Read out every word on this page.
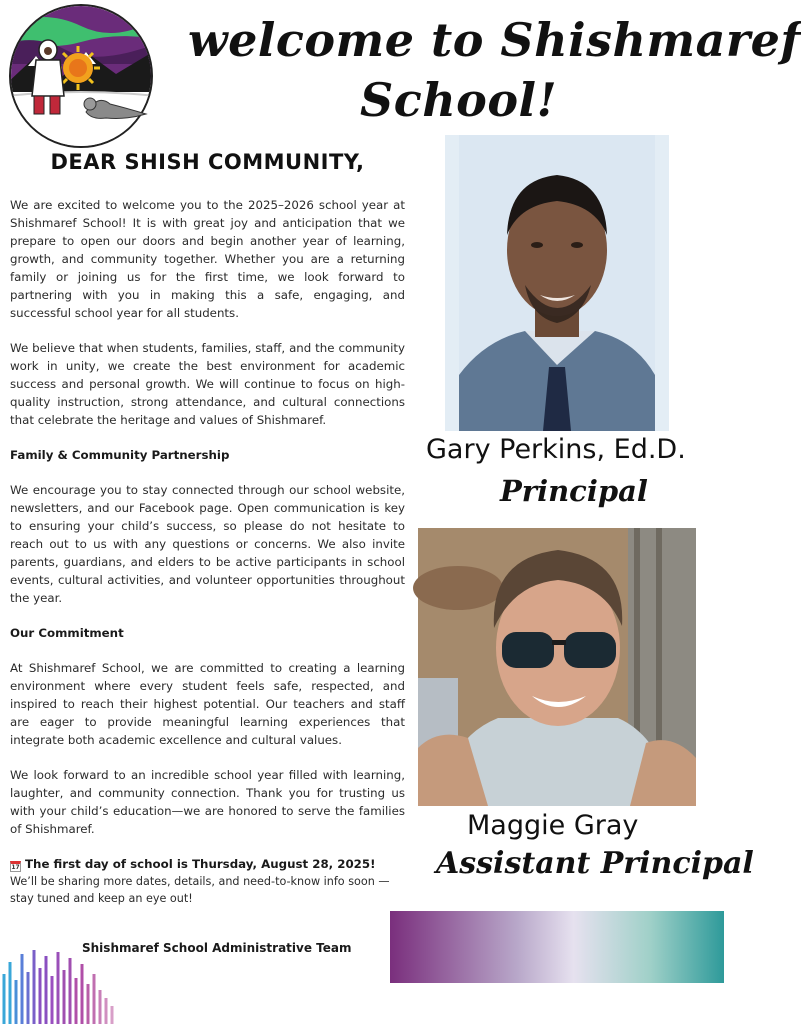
welcome to Shishmaref
School!
DEAR SHISH COMMUNITY,

We are excited to welcome you to the 2025–2026 school year at Shishmaref School! It is with great joy and anticipation that we prepare to open our doors and begin another year of learning, growth, and community together. Whether you are a returning family or joining us for the first time, we look forward to partnering with you in making this a safe, engaging, and successful school year for all students.

We believe that when students, families, staff, and the community work in unity, we create the best environment for academic success and personal growth. We will continue to focus on high-quality instruction, strong attendance, and cultural connections that celebrate the heritage and values of Shishmaref.

Family & Community Partnership

We encourage you to stay connected through our school website, newsletters, and our Facebook page. Open communication is key to ensuring your child’s success, so please do not hesitate to reach out to us with any questions or concerns. We also invite parents, guardians, and elders to be active participants in school events, cultural activities, and volunteer opportunities throughout the year.

Our Commitment

At Shishmaref School, we are committed to creating a learning environment where every student feels safe, respected, and inspired to reach their highest potential. Our teachers and staff are eager to provide meaningful learning experiences that integrate both academic excellence and cultural values.

We look forward to an incredible school year filled with learning, laughter, and community connection. Thank you for trusting us with your child’s education—we are honored to serve the families of Shishmaref.

17 The first day of school is Thursday, August 28, 2025!
We’ll be sharing more dates, details, and need-to-know info soon — stay tuned and keep an eye out!
Shishmaref School Administrative Team
Gary Perkins, Ed.D.
Principal
Maggie Gray
Assistant Principal
